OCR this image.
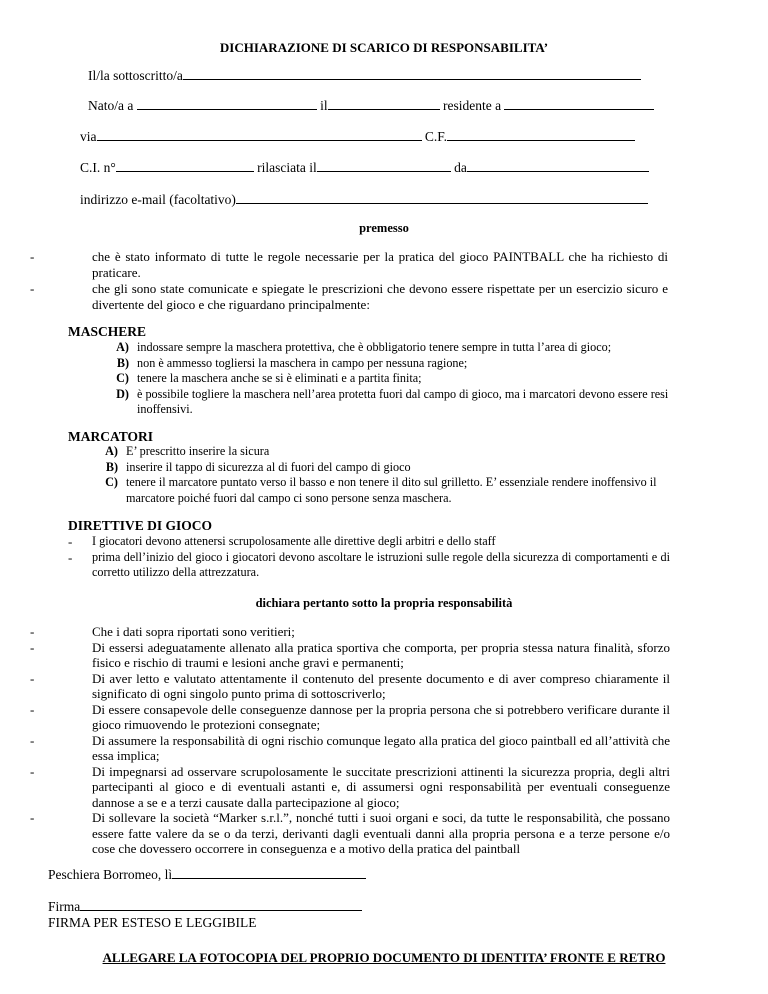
DICHIARAZIONE DI SCARICO DI RESPONSABILITA’
Il/la sottoscritto/a
Nato/a a	il	residente a
via	C.F.
C.I. n°	rilasciata il	da
indirizzo e-mail (facoltativo)
premesso
-	che è stato informato di tutte le regole necessarie per la pratica del gioco PAINTBALL che ha richiesto di praticare.
-	che gli sono state comunicate e spiegate le prescrizioni che devono essere rispettate per un esercizio sicuro e divertente del gioco e che riguardano principalmente:
MASCHERE
A) indossare sempre la maschera protettiva, che è obbligatorio tenere sempre in tutta l’area di gioco;
B) non è ammesso togliersi la maschera in campo per nessuna ragione;
C) tenere la maschera anche se si è eliminati e a partita finita;
D) è possibile togliere la maschera nell’area protetta fuori dal campo di gioco, ma i marcatori devono essere resi inoffensivi.
MARCATORI
A) E’ prescritto inserire la sicura
B) inserire il tappo di sicurezza al di fuori del campo di gioco
C) tenere il marcatore puntato verso il basso e non tenere il dito sul grilletto. E’ essenziale rendere inoffensivo il marcatore poiché fuori dal campo ci sono persone senza maschera.
DIRETTIVE DI GIOCO
- I giocatori devono attenersi scrupolosamente alle direttive degli arbitri e dello staff
- prima dell’inizio del gioco i giocatori devono ascoltare le istruzioni sulle regole della sicurezza di comportamenti e di corretto utilizzo della attrezzatura.
dichiara pertanto sotto la propria responsabilità
-	Che i dati sopra riportati sono veritieri;
-	Di essersi adeguatamente allenato alla pratica sportiva che comporta, per propria stessa natura finalità, sforzo fisico e rischio di traumi e lesioni anche gravi e permanenti;
-	Di aver letto e valutato attentamente il contenuto del presente documento e di aver compreso chiaramente il significato di ogni singolo punto prima di sottoscriverlo;
-	Di essere consapevole delle conseguenze dannose per la propria persona che si potrebbero verificare durante il gioco rimuovendo le protezioni consegnate;
-	Di assumere la responsabilità di ogni rischio comunque legato alla pratica del gioco paintball ed all’attività che essa implica;
-	Di impegnarsi ad osservare scrupolosamente le succitate prescrizioni attinenti la sicurezza propria, degli altri partecipanti al gioco e di eventuali astanti e, di assumersi ogni responsabilità per eventuali conseguenze dannose a se e a terzi causate dalla partecipazione al gioco;
-	Di sollevare la società “Marker s.r.l.”, nonché tutti i suoi organi e soci, da tutte le responsabilità, che possano essere fatte valere da se o da terzi, derivanti dagli eventuali danni alla propria persona e a terze persone e/o cose che dovessero occorrere in conseguenza e a motivo della pratica del paintball
Peschiera Borromeo, lì
Firma
FIRMA PER ESTESO E LEGGIBILE
ALLEGARE LA FOTOCOPIA DEL PROPRIO DOCUMENTO DI IDENTITA’ FRONTE E RETRO
